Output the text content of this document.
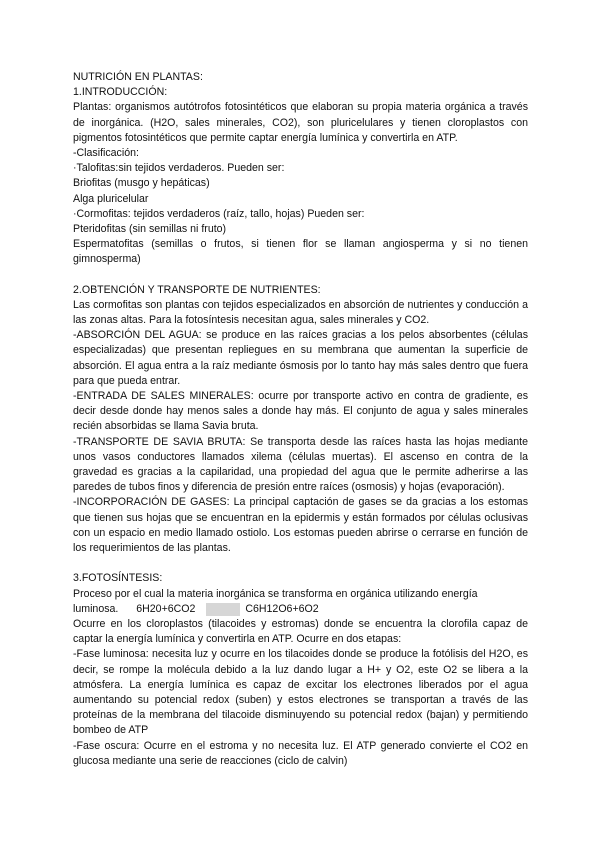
NUTRICIÓN EN PLANTAS:
1.INTRODUCCIÓN:
Plantas: organismos autótrofos fotosintéticos que elaboran su propia materia orgánica a través de inorgánica. (H2O, sales minerales, CO2), son pluricelulares y tienen cloroplastos con pigmentos fotosintéticos que permite captar energía lumínica y convertirla en ATP.
-Clasificación:
·Talofitas:sin tejidos verdaderos. Pueden ser:
Briofitas (musgo y hepáticas)
Alga pluricelular
·Cormofitas: tejidos verdaderos (raíz, tallo, hojas) Pueden ser:
Pteridofitas (sin semillas ni fruto)
Espermatofitas (semillas o frutos, si tienen flor se llaman angiosperma y si no tienen gimnosperma)
2.OBTENCIÓN Y TRANSPORTE DE NUTRIENTES:
Las cormofitas son plantas con tejidos especializados en absorción de nutrientes y conducción a las zonas altas. Para la fotosíntesis necesitan agua, sales minerales y CO2.
-ABSORCIÓN DEL AGUA: se produce en las raíces gracias a los pelos absorbentes (células especializadas) que presentan repliegues en su membrana que aumentan la superficie de absorción. El agua entra a la raíz mediante ósmosis por lo tanto hay más sales dentro que fuera para que pueda entrar.
-ENTRADA DE SALES MINERALES: ocurre por transporte activo en contra de gradiente, es decir desde donde hay menos sales a donde hay más. El conjunto de agua y sales minerales recién absorbidas se llama Savia bruta.
-TRANSPORTE DE SAVIA BRUTA: Se transporta desde las raíces hasta las hojas mediante unos vasos conductores llamados xilema (células muertas). El ascenso en contra de la gravedad es gracias a la capilaridad, una propiedad del agua que le permite adherirse a las paredes de tubos finos y diferencia de presión entre raíces (osmosis) y hojas (evaporación).
-INCORPORACIÓN DE GASES: La principal captación de gases se da gracias a los estomas que tienen sus hojas que se encuentran en la epidermis y están formados por células oclusivas con un espacio en medio llamado ostiolo. Los estomas pueden abrirse o cerrarse en función de los requerimientos de las plantas.
3.FOTOSÍNTESIS:
Proceso por el cual la materia inorgánica se transforma en orgánica utilizando energía
luminosa. 6H20+6CO2	C6H12O6+6O2
Ocurre en los cloroplastos (tilacoides y estromas) donde se encuentra la clorofila capaz de captar la energía lumínica y convertirla en ATP. Ocurre en dos etapas:
-Fase luminosa: necesita luz y ocurre en los tilacoides donde se produce la fotólisis del H2O, es decir, se rompe la molécula debido a la luz dando lugar a H+ y O2, este O2 se libera a la atmósfera. La energía lumínica es capaz de excitar los electrones liberados por el agua aumentando su potencial redox (suben) y estos electrones se transportan a través de las proteínas de la membrana del tilacoide disminuyendo su potencial redox (bajan) y permitiendo bombeo de ATP
-Fase oscura: Ocurre en el estroma y no necesita luz. El ATP generado convierte el CO2 en glucosa mediante una serie de reacciones (ciclo de calvin)
